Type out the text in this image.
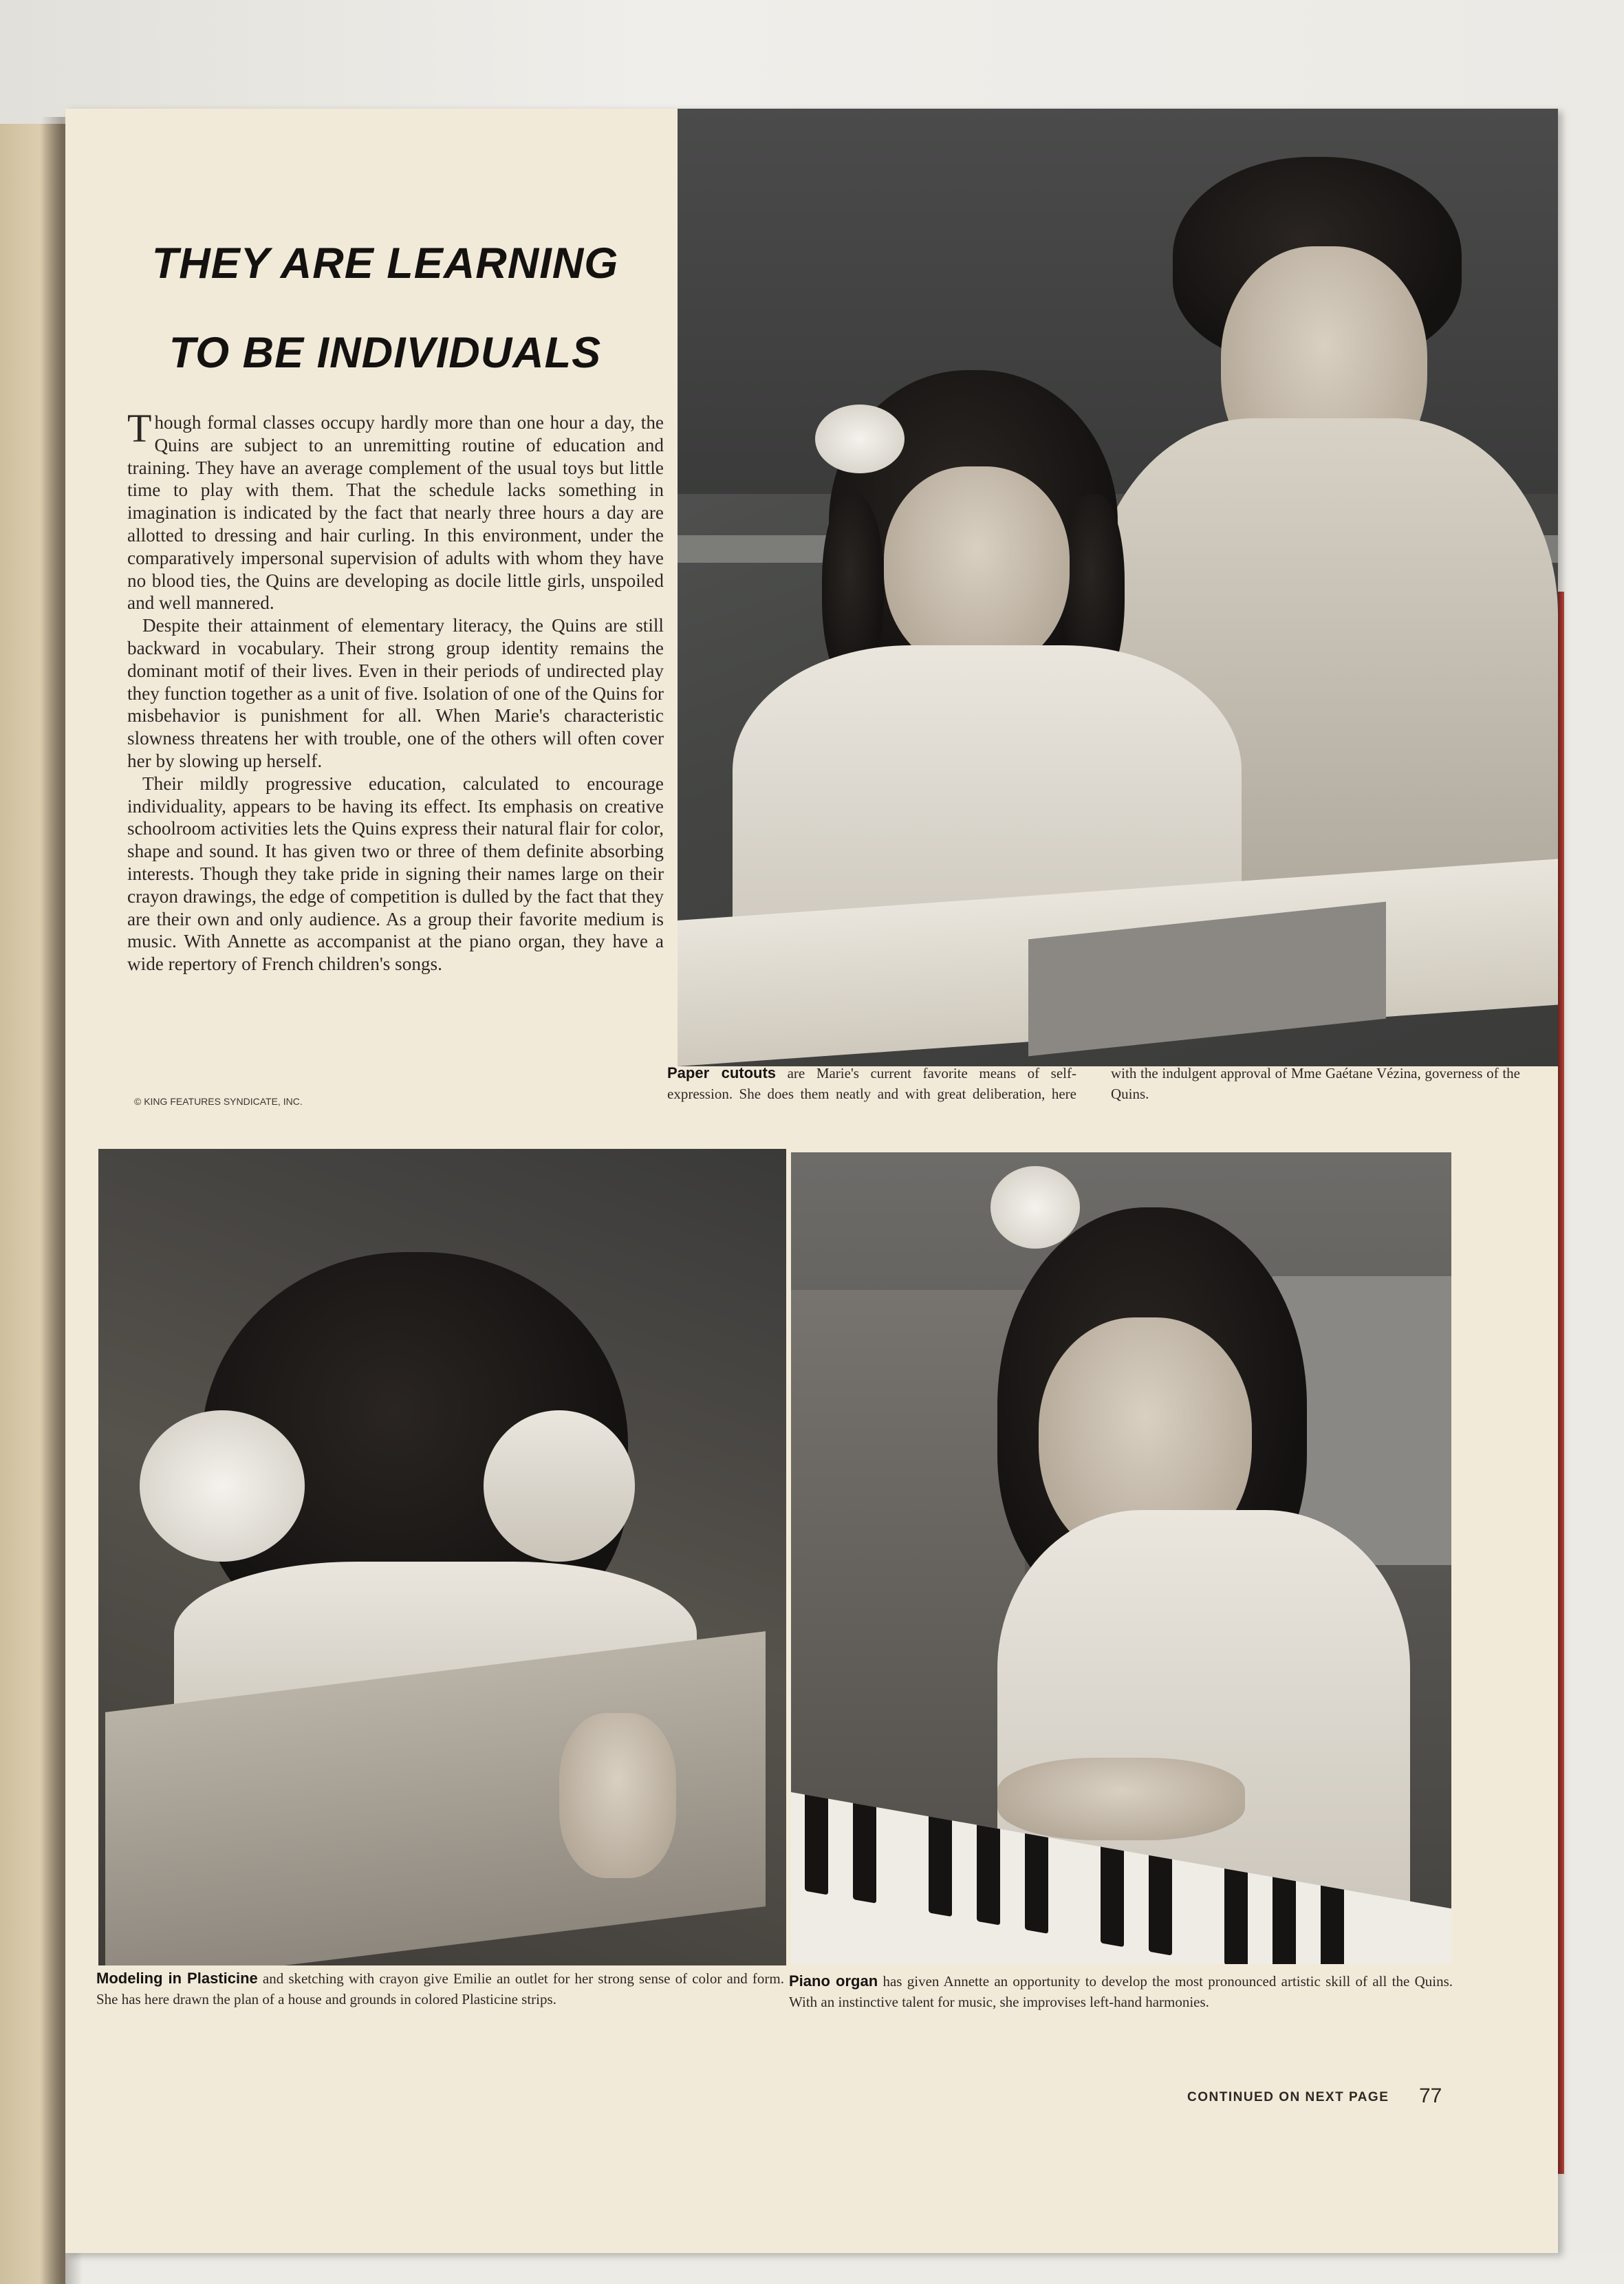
THEY ARE LEARNING
TO BE INDIVIDUALS

Though formal classes occupy hardly more than one hour a day, the Quins are subject to an unremitting routine of education and training. They have an average complement of the usual toys but little time to play with them. That the schedule lacks something in imagination is indicated by the fact that nearly three hours a day are allotted to dressing and hair curling. In this environment, under the comparatively impersonal supervision of adults with whom they have no blood ties, the Quins are developing as docile little girls, unspoiled and well mannered.

Despite their attainment of elementary literacy, the Quins are still backward in vocabulary. Their strong group identity remains the dominant motif of their lives. Even in their periods of undirected play they function together as a unit of five. Isolation of one of the Quins for misbehavior is punishment for all. When Marie's characteristic slowness threatens her with trouble, one of the others will often cover her by slowing up herself.

Their mildly progressive education, calculated to encourage individuality, appears to be having its effect. Its emphasis on creative schoolroom activities lets the Quins express their natural flair for color, shape and sound. It has given two or three of them definite absorbing interests. Though they take pride in signing their names large on their crayon drawings, the edge of competition is dulled by the fact that they are their own and only audience. As a group their favorite medium is music. With Annette as accompanist at the piano organ, they have a wide repertory of French children's songs.

© KING FEATURES SYNDICATE, INC.
Paper cutouts are Marie's current favorite means of self-expression. She does them neatly and with great deliberation, here with the indulgent approval of Mme Gaétane Vézina, governess of the Quins.
Modeling in Plasticine and sketching with crayon give Emilie an outlet for her strong sense of color and form. She has here drawn the plan of a house and grounds in colored Plasticine strips.
Piano organ has given Annette an opportunity to develop the most pronounced artistic skill of all the Quins. With an instinctive talent for music, she improvises left-hand harmonies.
CONTINUED ON NEXT PAGE 77
